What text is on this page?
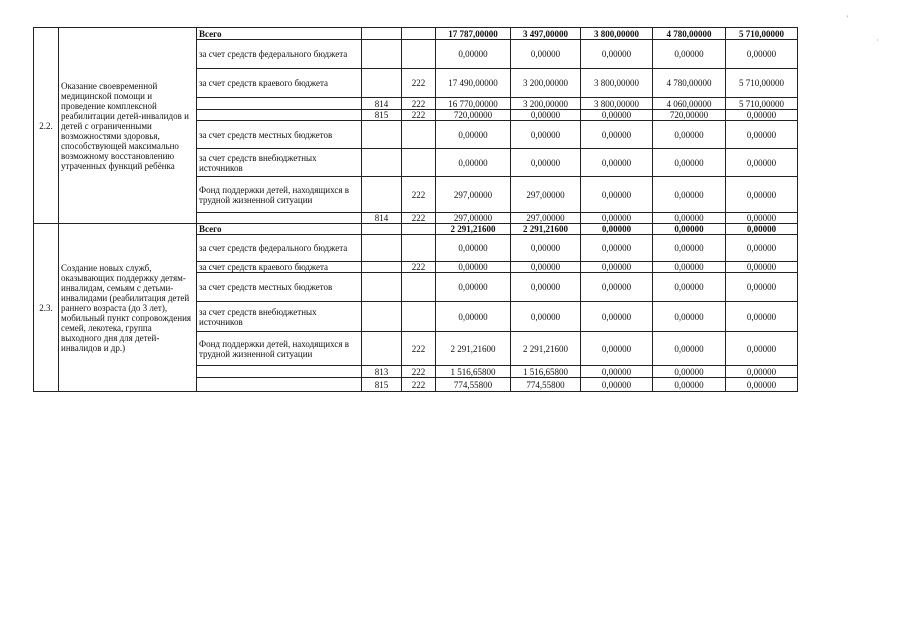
'
·
2.2.	Оказание своевременной медицинской помощи и проведение комплексной реабилитации детей-инвалидов и детей с ограниченными возможностями здоровья, способствующей максимально возможному восстановлению утраченных функций ребёнка	Всего			17 787,00000	3 497,00000	3 800,00000	4 780,00000	5 710,00000
		за счет средств федерального бюджета			0,00000	0,00000	0,00000	0,00000	0,00000
		за счет средств краевого бюджета		222	17 490,00000	3 200,00000	3 800,00000	4 780,00000	5 710,00000
			814	222	16 770,00000	3 200,00000	3 800,00000	4 060,00000	5 710,00000
			815	222	720,00000	0,00000	0,00000	720,00000	0,00000
		за счет средств местных бюджетов			0,00000	0,00000	0,00000	0,00000	0,00000
		за счет средств внебюджетных источников			0,00000	0,00000	0,00000	0,00000	0,00000
		Фонд поддержки детей, находящихся в трудной жизненной ситуации		222	297,00000	297,00000	0,00000	0,00000	0,00000
			814	222	297,00000	297,00000	0,00000	0,00000	0,00000
2.3.	Создание новых служб, оказывающих поддержку детям-инвалидам, семьям с детьми-инвалидами (реабилитация детей раннего возраста (до 3 лет), мобильный пункт сопровождения семей, лекотека, группа выходного дня для детей-инвалидов и др.)	Всего			2 291,21600	2 291,21600	0,00000	0,00000	0,00000
		за счет средств федерального бюджета			0,00000	0,00000	0,00000	0,00000	0,00000
		за счет средств краевого бюджета		222	0,00000	0,00000	0,00000	0,00000	0,00000
		за счет средств местных бюджетов			0,00000	0,00000	0,00000	0,00000	0,00000
		за счет средств внебюджетных источников			0,00000	0,00000	0,00000	0,00000	0,00000
		Фонд поддержки детей, находящихся в трудной жизненной ситуации		222	2 291,21600	2 291,21600	0,00000	0,00000	0,00000
			813	222	1 516,65800	1 516,65800	0,00000	0,00000	0,00000
			815	222	774,55800	774,55800	0,00000	0,00000	0,00000
